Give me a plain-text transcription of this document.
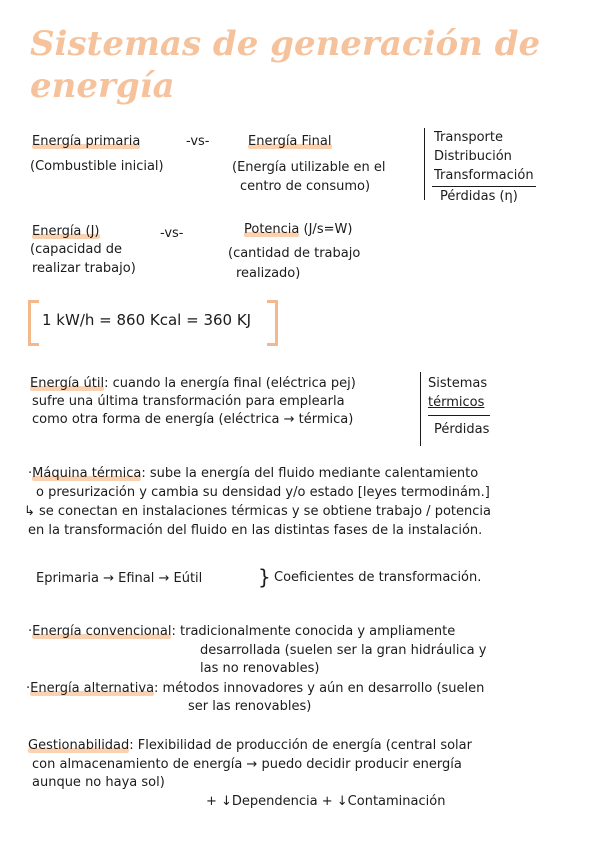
Sistemas de generación de
energía
Energía primaria	-vs-	Energía Final
(Combustible inicial)	(Energía utilizable en el
centro de consumo)
Transporte
Distribución
Transformación
Pérdidas (η)
Energía (J)	-vs-	Potencia (J/s=W)
(capacidad de
realizar trabajo)
(cantidad de trabajo
realizado)
1 kW/h = 860 Kcal = 360 KJ
Energía útil: cuando la energía final (eléctrica pej)
sufre una última transformación para emplearla
como otra forma de energía (eléctrica → térmica)
Sistemas
térmicos
Pérdidas
·Máquina térmica: sube la energía del fluido mediante calentamiento
o presurización y cambia su densidad y/o estado [leyes termodinám.]
↳ se conectan en instalaciones térmicas y se obtiene trabajo / potencia
en la transformación del fluido en las distintas fases de la instalación.
Eprimaria → Efinal → Eútil	} Coeficientes de transformación.
·Energía convencional: tradicionalmente conocida y ampliamente
desarrollada (suelen ser la gran hidráulica y
las no renovables)
·Energía alternativa: métodos innovadores y aún en desarrollo (suelen
ser las renovables)
Gestionabilidad: Flexibilidad de producción de energía (central solar
con almacenamiento de energía → puedo decidir producir energía
aunque no haya sol)
+ ↓Dependencia + ↓Contaminación
